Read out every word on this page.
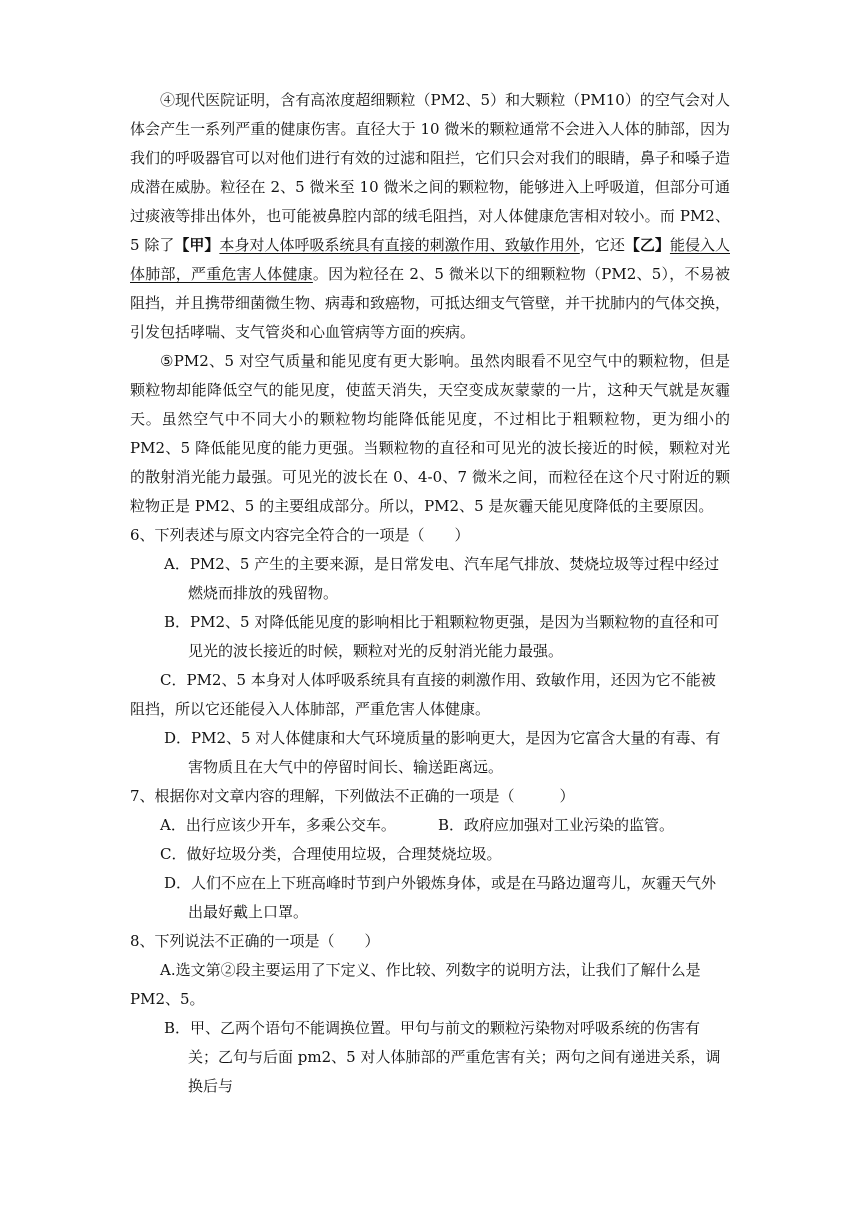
④现代医院证明，含有高浓度超细颗粒（PM2、5）和大颗粒（PM10）的空气会对人体会产生一系列严重的健康伤害。直径大于 10 微米的颗粒通常不会进入人体的肺部，因为我们的呼吸器官可以对他们进行有效的过滤和阻拦，它们只会对我们的眼睛，鼻子和嗓子造成潜在威胁。粒径在 2、5 微米至 10 微米之间的颗粒物，能够进入上呼吸道，但部分可通过痰液等排出体外，也可能被鼻腔内部的绒毛阻挡，对人体健康危害相对较小。而 PM2、5 除了【甲】本身对人体呼吸系统具有直接的刺激作用、致敏作用外，它还【乙】能侵入人体肺部，严重危害人体健康。因为粒径在 2、5 微米以下的细颗粒物（PM2、5），不易被阻挡，并且携带细菌微生物、病毒和致癌物，可抵达细支气管壁，并干扰肺内的气体交换，引发包括哮喘、支气管炎和心血管病等方面的疾病。

⑤PM2、5 对空气质量和能见度有更大影响。虽然肉眼看不见空气中的颗粒物，但是颗粒物却能降低空气的能见度，使蓝天消失，天空变成灰蒙蒙的一片，这种天气就是灰霾天。虽然空气中不同大小的颗粒物均能降低能见度，不过相比于粗颗粒物，更为细小的 PM2、5 降低能见度的能力更强。当颗粒物的直径和可见光的波长接近的时候，颗粒对光的散射消光能力最强。可见光的波长在 0、4-0、7 微米之间，而粒径在这个尺寸附近的颗粒物正是 PM2、5 的主要组成部分。所以，PM2、5 是灰霾天能见度降低的主要原因。

6、下列表述与原文内容完全符合的一项是（　　）

A．PM2、5 产生的主要来源，是日常发电、汽车尾气排放、焚烧垃圾等过程中经过燃烧而排放的残留物。

B．PM2、5 对降低能见度的影响相比于粗颗粒物更强，是因为当颗粒物的直径和可见光的波长接近的时候，颗粒对光的反射消光能力最强。

C．PM2、5 本身对人体呼吸系统具有直接的刺激作用、致敏作用，还因为它不能被阻挡，所以它还能侵入人体肺部，严重危害人体健康。

D．PM2、5 对人体健康和大气环境质量的影响更大，是因为它富含大量的有毒、有害物质且在大气中的停留时间长、输送距离远。

7、根据你对文章内容的理解，下列做法不正确的一项是（　　　）

A．出行应该少开车，多乘公交车。	B．政府应加强对工业污染的监管。

C．做好垃圾分类，合理使用垃圾，合理焚烧垃圾。

D．人们不应在上下班高峰时节到户外锻炼身体，或是在马路边遛弯儿，灰霾天气外出最好戴上口罩。

8、下列说法不正确的一项是（　　）

A.选文第②段主要运用了下定义、作比较、列数字的说明方法，让我们了解什么是 PM2、5。

B．甲、乙两个语句不能调换位置。甲句与前文的颗粒污染物对呼吸系统的伤害有关；乙句与后面 pm2、5 对人体肺部的严重危害有关；两句之间有递进关系，调换后与
